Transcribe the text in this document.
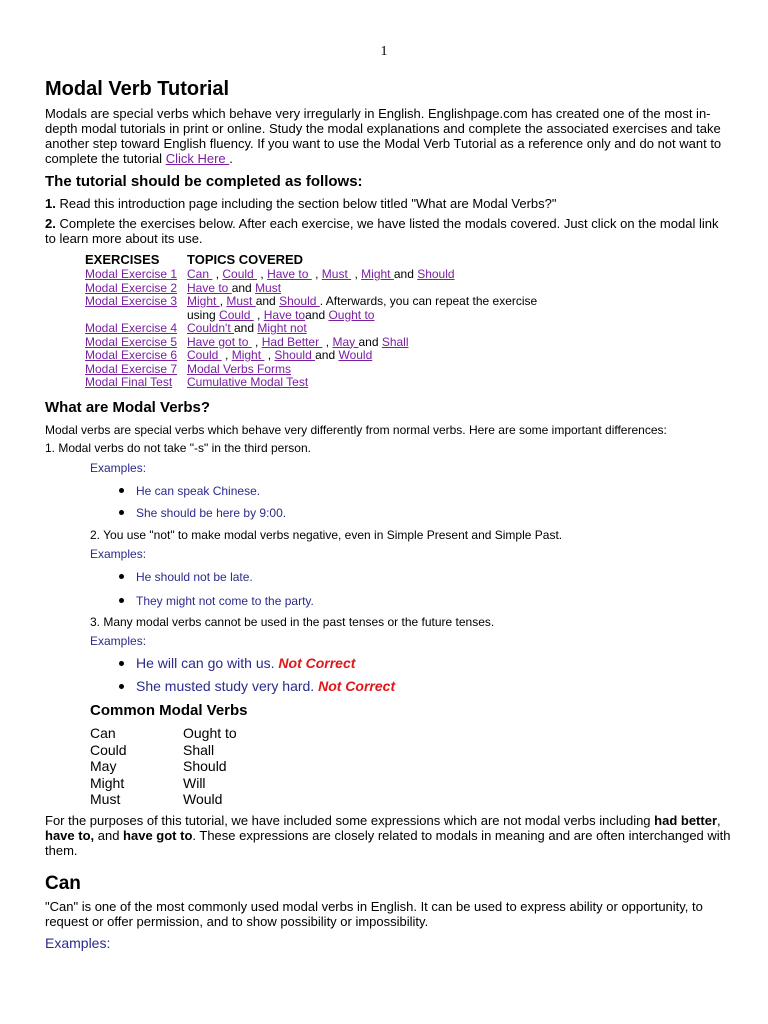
1
Modal Verb Tutorial

Modals are special verbs which behave very irregularly in English. Englishpage.com has created one of the most in-depth modal tutorials in print or online. Study the modal explanations and complete the associated exercises and take another step toward English fluency. If you want to use the Modal Verb Tutorial as a reference only and do not want to complete the tutorial Click Here .

The tutorial should be completed as follows:

1. Read this introduction page including the section below titled "What are Modal Verbs?"

2. Complete the exercises below. After each exercise, we have listed the modals covered. Just click on the modal link to learn more about its use.

EXERCISES	TOPICS COVERED
Modal Exercise 1	Can  , Could  , Have to  , Must  , Might and Should
Modal Exercise 2	Have to and Must
Modal Exercise 3	Might , Must and Should . Afterwards, you can repeat the exercise
	using Could  , Have toand Ought to
Modal Exercise 4	Couldn't and Might not
Modal Exercise 5	Have got to  , Had Better  , May and Shall
Modal Exercise 6	Could  , Might  , Should and Would
Modal Exercise 7	Modal Verbs Forms
Modal Final Test	Cumulative Modal Test
What are Modal Verbs?
Modal verbs are special verbs which behave very differently from normal verbs. Here are some important differences:
1. Modal verbs do not take "-s" in the third person.
Examples:
He can speak Chinese.
She should be here by 9:00.
2. You use "not" to make modal verbs negative, even in Simple Present and Simple Past.
Examples:
He should not be late.
They might not come to the party.
3. Many modal verbs cannot be used in the past tenses or the future tenses.
Examples:
He will can go with us. Not Correct
She musted study very hard. Not Correct
Common Modal Verbs
Can	Ought to
Could	Shall
May	Should
Might	Will
Must	Would

For the purposes of this tutorial, we have included some expressions which are not modal verbs including had better, have to, and have got to. These expressions are closely related to modals in meaning and are often interchanged with them.

Can

"Can" is one of the most commonly used modal verbs in English. It can be used to express ability or opportunity, to request or offer permission, and to show possibility or impossibility.

Examples:
